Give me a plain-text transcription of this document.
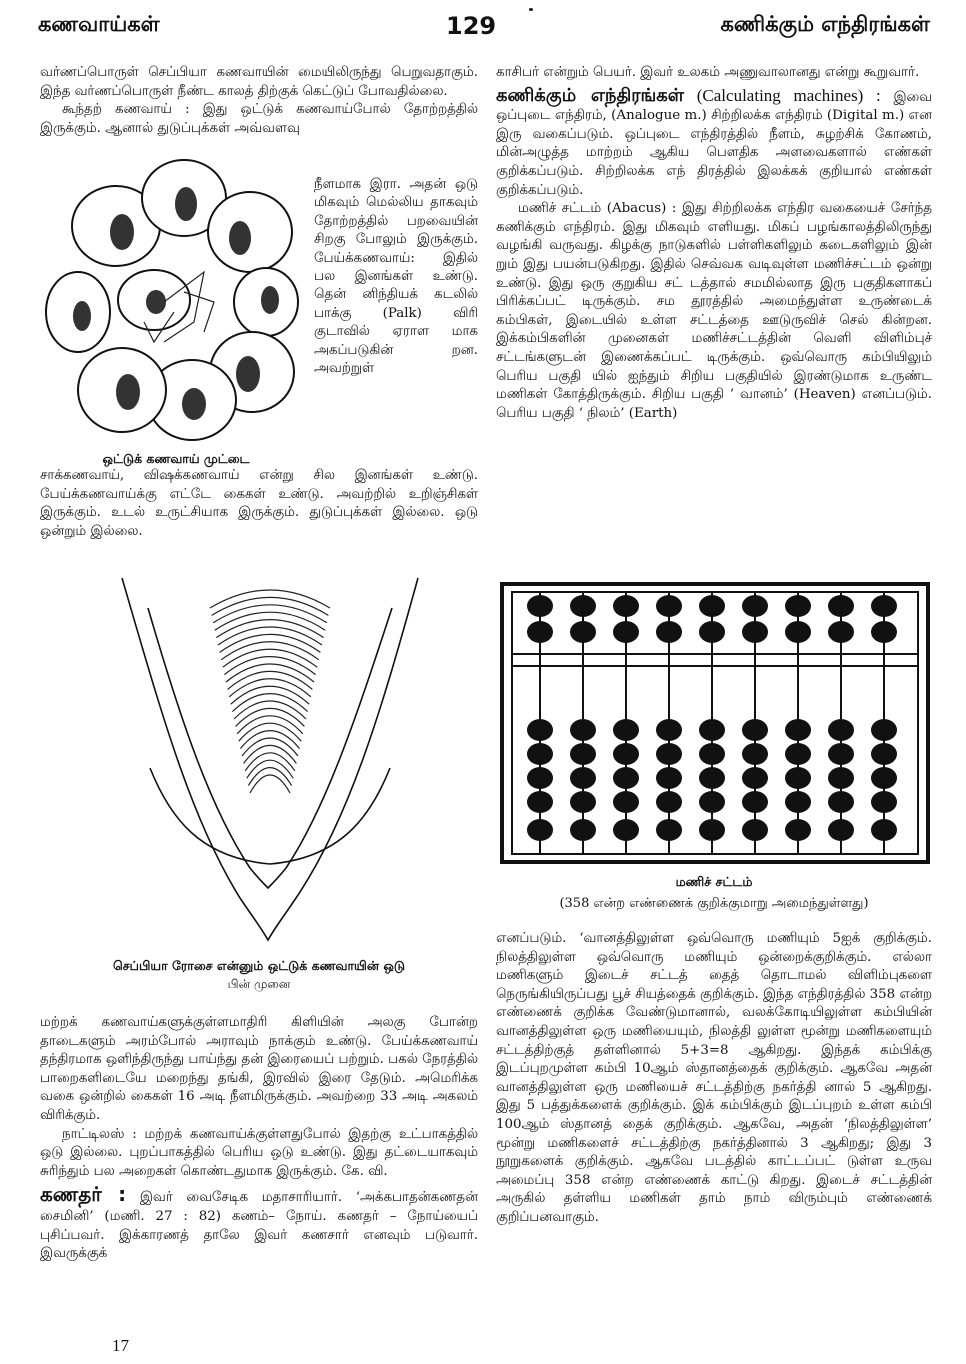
கணவாய்கள்	129	கணிக்கும் எந்திரங்கள்

வர்ணப்பொருள் செப்பியா கணவாயின் மையிலிருந்து பெறுவதாகும். இந்த வர்ணப்பொருள் நீண்ட காலத் திற்குக் கெட்டுப் போவதில்லை.

கூந்தற் கணவாய் : இது ஒட்டுக் கணவாய்போல் தோற்றத்தில் இருக்கும். ஆனால் துடுப்புக்கள் அவ்வளவு

நீளமாக இரா. அதன் ஒடு மிகவும் மெல்லிய தாகவும் தோற்றத்தில் பறவையின் சிறகு போலும் இருக்கும். பேய்க்கணவாய்: இதில் பல இனங்கள் உண்டு. தென் னிந்தியக் கடலில் பாக்கு (Palk) விரி குடாவில் ஏராள மாக அகப்படுகின் றன. அவற்றுள்
ஒட்டுக் கணவாய் முட்டை
சாக்கணவாய், விஷக்கணவாய் என்று சில இனங்கள் உண்டு. பேய்க்கணவாய்க்கு எட்டே கைகள் உண்டு. அவற்றில் உறிஞ்சிகள் இருக்கும். உடல் உருட்சியாக இருக்கும். துடுப்புக்கள் இல்லை. ஒடு ஒன்றும் இல்லை.
செப்பியா ரோசை என்னும் ஒட்டுக் கணவாயின் ஒடு
பின் முனை

மற்றக் கணவாய்களுக்குள்ளமாதிரி கிளியின் அலகு போன்ற தாடைகளும் அரம்போல் அராவும் நாக்கும் உண்டு. பேய்க்கணவாய் தந்திரமாக ஒளிந்திருந்து பாய்ந்து தன் இரையைப் பற்றும். பகல் நேரத்தில் பாறைகளிடையே மறைந்து தங்கி, இரவில் இரை தேடும். அமெரிக்க வகை ஒன்றில் கைகள் 16 அடி நீளமிருக்கும். அவற்றை 33 அடி அகலம் விரிக்கும்.

நாட்டிலஸ் : மற்றக் கணவாய்க்குள்ளதுபோல் இதற்கு உட்பாகத்தில் ஒடு இல்லை. புறப்பாகத்தில் பெரிய ஒடு உண்டு. இது தட்டையாகவும் சுரிந்தும் பல அறைகள் கொண்டதுமாக இருக்கும். கே. வி.

கணதர் : இவர் வைசேடிக மதாசாரியார். ‘அக்கபாதன்கணதன் சைமினி’ (மணி. 27 : 82) கணம்– நோய். கணதர் – நோய்யைப் புசிப்பவர். இக்காரணத் தாலே இவர் கணசார் எனவும் படுவார். இவருக்குக்

காசிபர் என்றும் பெயர். இவர் உலகம் அணுவாலானது என்று கூறுவார்.

கணிக்கும் எந்திரங்கள் (Calculating machines) : இவை ஒப்புடை எந்திரம், (Analogue m.) சிற்றிலக்க எந்திரம் (Digital m.) என இரு வகைப்படும். ஒப்புடை எந்திரத்தில் நீளம், சுழற்சிக் கோணம், மின்அழுத்த மாற்றம் ஆகிய பௌதிக அளவைகளால் எண்கள் குறிக்கப்படும். சிற்றிலக்க எந் திரத்தில் இலக்கக் குறியால் எண்கள் குறிக்கப்படும்.

மணிச் சட்டம் (Abacus) : இது சிற்றிலக்க எந்திர வகையைச் சேர்ந்த கணிக்கும் எந்திரம். இது மிகவும் எளியது. மிகப் பழங்காலத்திலிருந்து வழங்கி வருவது. கிழக்கு நாடுகளில் பள்ளிகளிலும் கடைகளிலும் இன் றும் இது பயன்படுகிறது. இதில் செவ்வக வடிவுள்ள மணிச்சட்டம் ஒன்று உண்டு. இது ஒரு குறுகிய சட் டத்தால் சமமில்லாத இரு பகுதிகளாகப் பிரிக்கப்பட் டிருக்கும். சம தூரத்தில் அமைந்துள்ள உருண்டைக் கம்பிகள், இடையில் உள்ள சட்டத்தை ஊடுருவிச் செல் கின்றன. இக்கம்பிகளின் முனைகள் மணிச்சட்டத்தின் வெளி விளிம்புச் சட்டங்களுடன் இணைக்கப்பட் டிருக்கும். ஒவ்வொரு கம்பியிலும் பெரிய பகுதி யில் ஐந்தும் சிறிய பகுதியில் இரண்டுமாக உருண்ட மணிகள் கோத்திருக்கும். சிறிய பகுதி ‘ வானம்’ (Heaven) எனப்படும். பெரிய பகுதி ‘ நிலம்’ (Earth)

மணிச் சட்டம்
(358 என்ற எண்ணைக் குறிக்குமாறு அமைந்துள்ளது)
எனப்படும். ‘வானத்திலுள்ள ஒவ்வொரு மணியும் 5ஐக் குறிக்கும். நிலத்திலுள்ள ஒவ்வொரு மணியும் ஒன்றைக்குறிக்கும். எல்லா மணிகளும் இடைச் சட்டத் தைத் தொடாமல் விளிம்புகளை நெருங்கியிருப்பது பூச் சியத்தைக் குறிக்கும். இந்த எந்திரத்தில் 358 என்ற எண்ணைக் குறிக்க வேண்டுமானால், வலக்கோடியிலுள்ள கம்பியின் வானத்திலுள்ள ஒரு மணியையும், நிலத்தி லுள்ள மூன்று மணிகளையும் சட்டத்திற்குத் தள்ளினால் 5+3=8 ஆகிறது. இந்தக் கம்பிக்கு இடப்புறமுள்ள கம்பி 10ஆம் ஸ்தானத்தைக் குறிக்கும். ஆகவே அதன் வானத்திலுள்ள ஒரு மணியைச் சட்டத்திற்கு நகர்த்தி னால் 5 ஆகிறது. இது 5 பத்துக்களைக் குறிக்கும். இக் கம்பிக்கும் இடப்புறம் உள்ள கம்பி 100ஆம் ஸ்தானத் தைக் குறிக்கும். ஆகவே, அதன் ‘நிலத்திலுள்ள’ மூன்று மணிகளைச் சட்டத்திற்கு நகர்த்தினால் 3 ஆகிறது; இது 3 நூறுகளைக் குறிக்கும். ஆகவே படத்தில் காட்டப்பட் டுள்ள உருவ அமைப்பு 358 என்ற எண்ணைக் காட்டு கிறது. இடைச் சட்டத்தின் அருகில் தள்ளிய மணிகள் தாம் நாம் விரும்பும் எண்ணைக் குறிப்பனவாகும்.
17
